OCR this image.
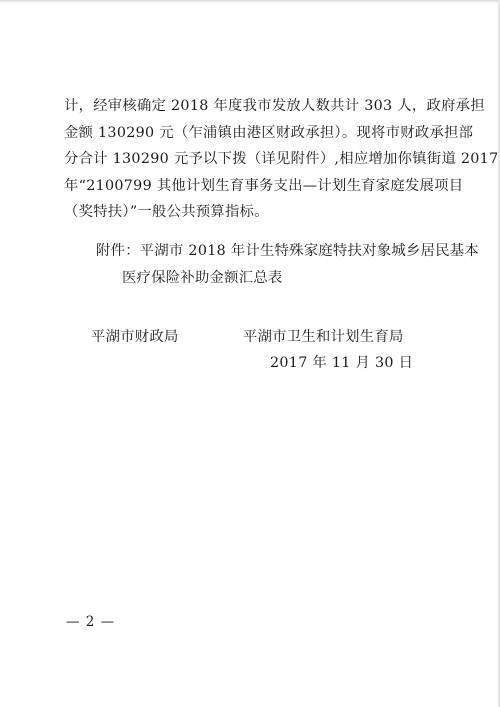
计，经审核确定 2018 年度我市发放人数共计 303 人，政府承担
金额 130290 元（乍浦镇由港区财政承担）。现将市财政承担部
分合计 130290 元予以下拨（详见附件）,相应增加你镇街道 2017
年“2100799 其他计划生育事务支出—计划生育家庭发展项目
（奖特扶）”一般公共预算指标。
附件：平湖市 2018 年计生特殊家庭特扶对象城乡居民基本
医疗保险补助金额汇总表
平湖市财政局	平湖市卫生和计划生育局
2017 年 11 月 30 日
— 2 —
